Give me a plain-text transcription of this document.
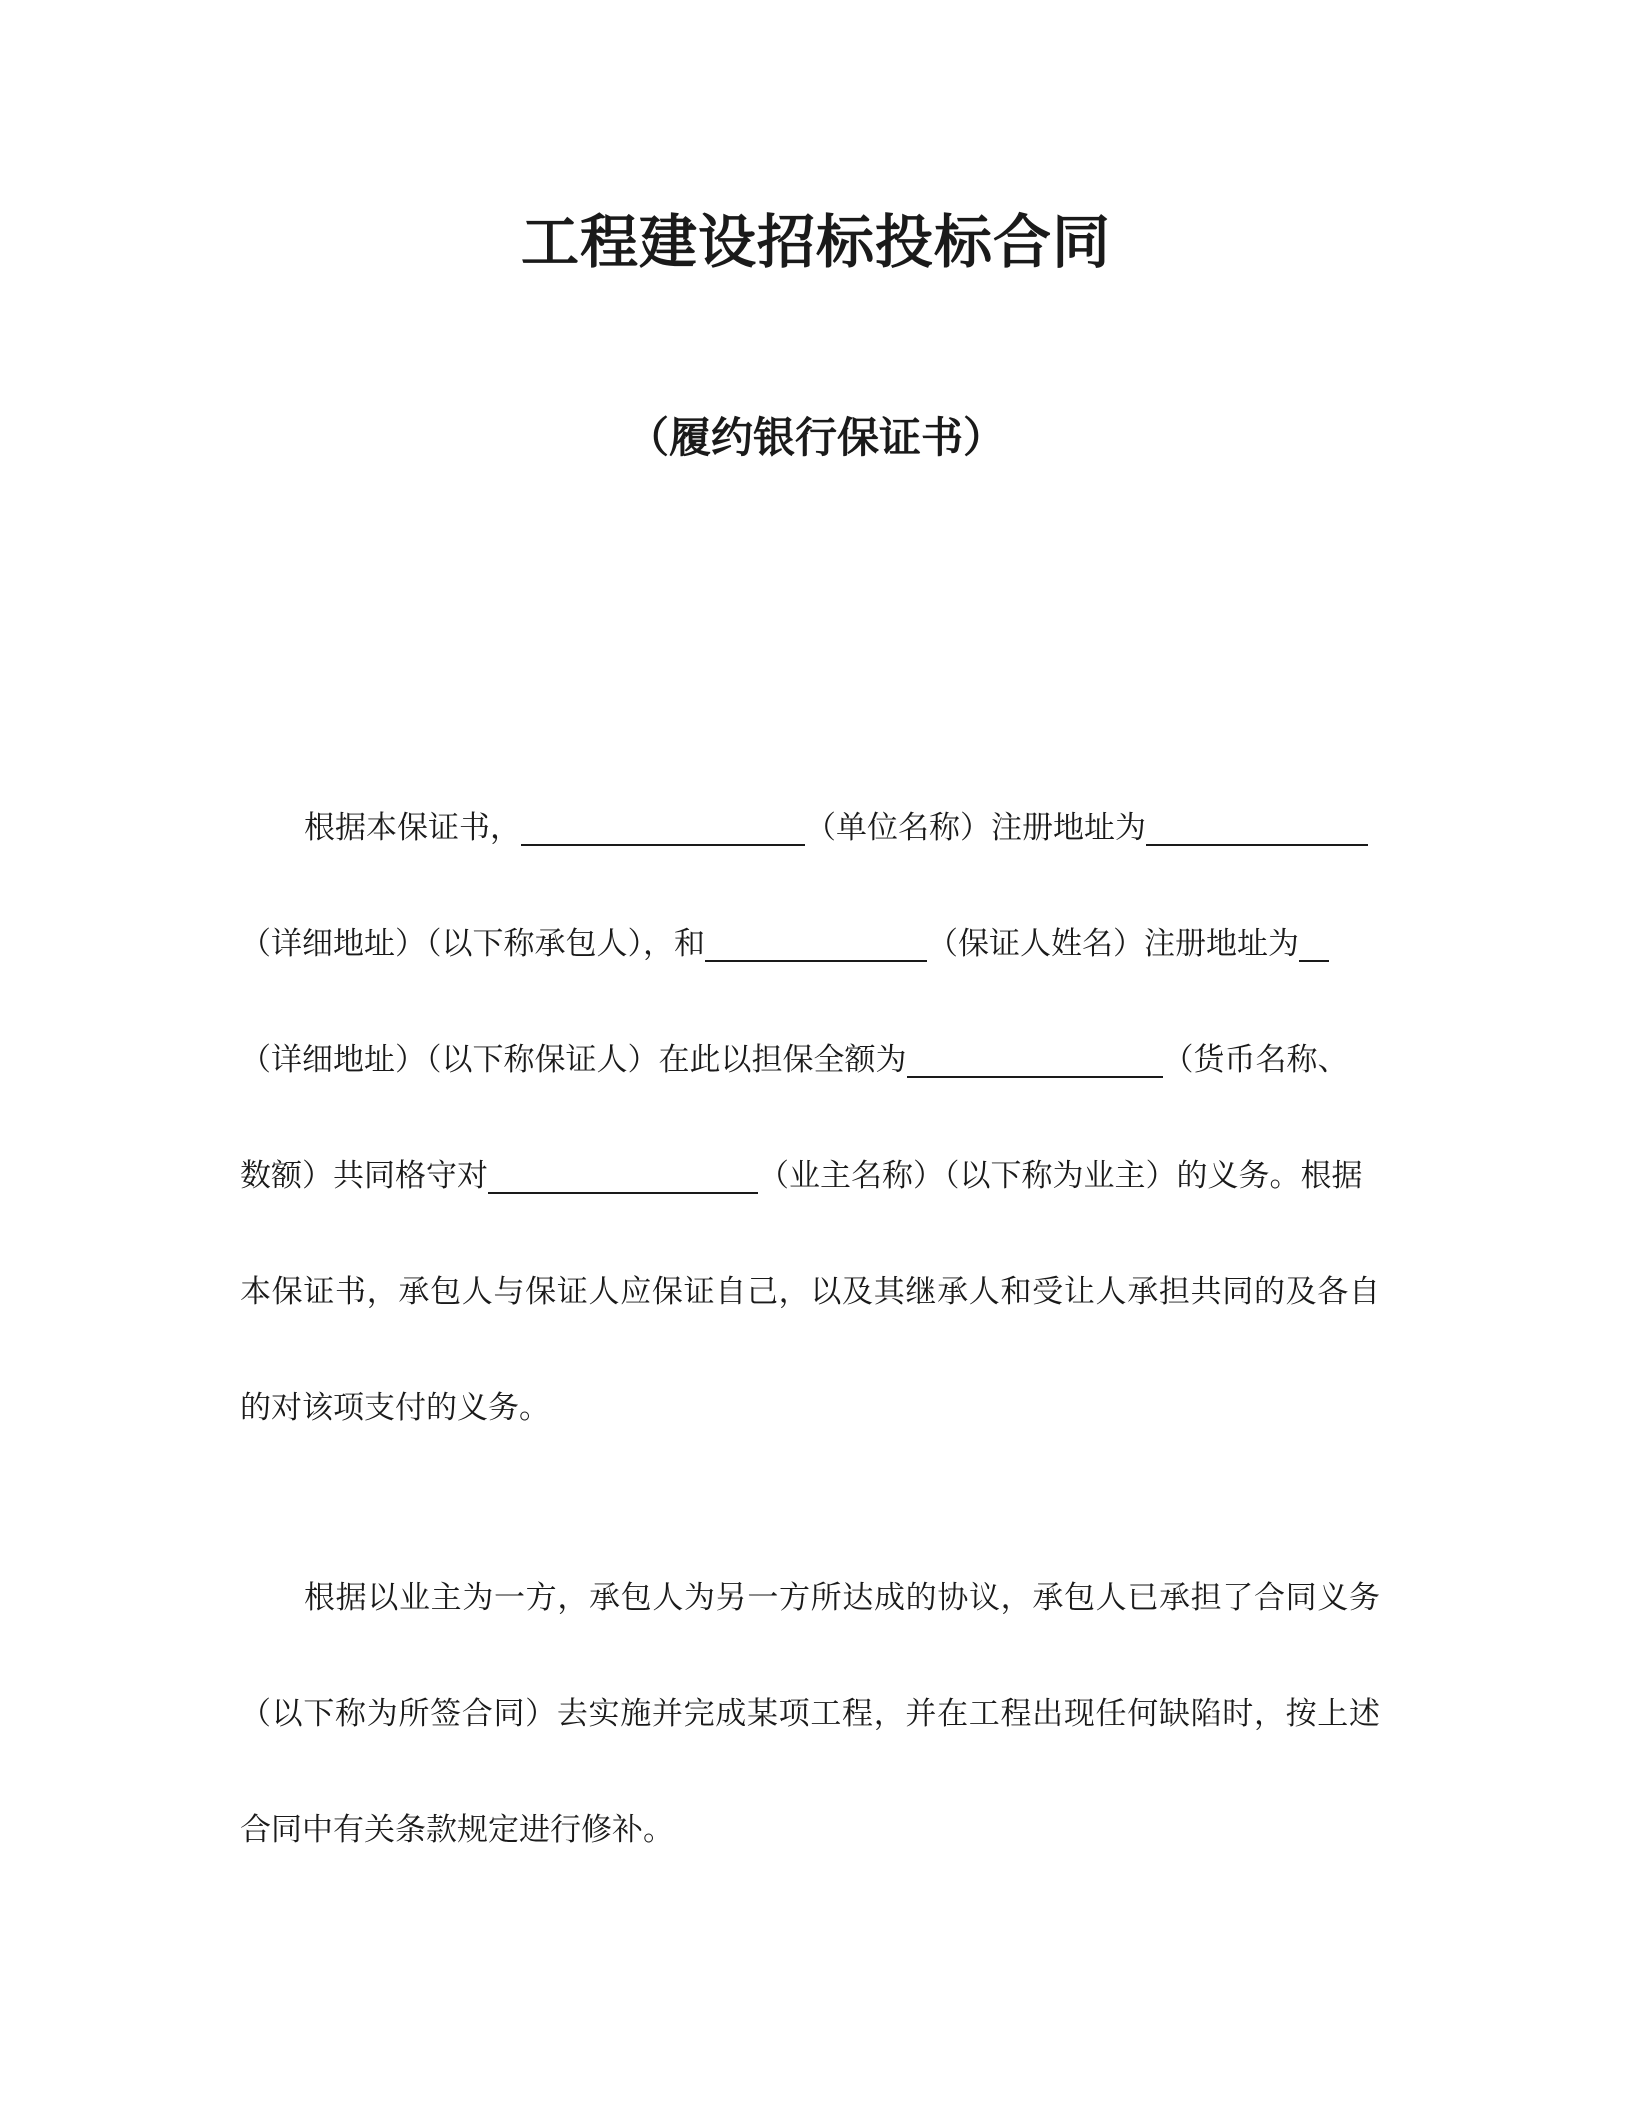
工程建设招标投标合同
（履约银行保证书）
根据本保证书，	（单位名称）注册地址为
（详细地址）（以下称承包人），和	（保证人姓名）注册地址为
（详细地址）（以下称保证人）在此以担保全额为	（货币名称、
数额）共同格守对	（业主名称）（以下称为业主）的义务。根据
本保证书，承包人与保证人应保证自己，以及其继承人和受让人承担共同的及各自
的对该项支付的义务。
根据以业主为一方，承包人为另一方所达成的协议，承包人已承担了合同义务
（以下称为所签合同）去实施并完成某项工程，并在工程出现任何缺陷时，按上述
合同中有关条款规定进行修补。
